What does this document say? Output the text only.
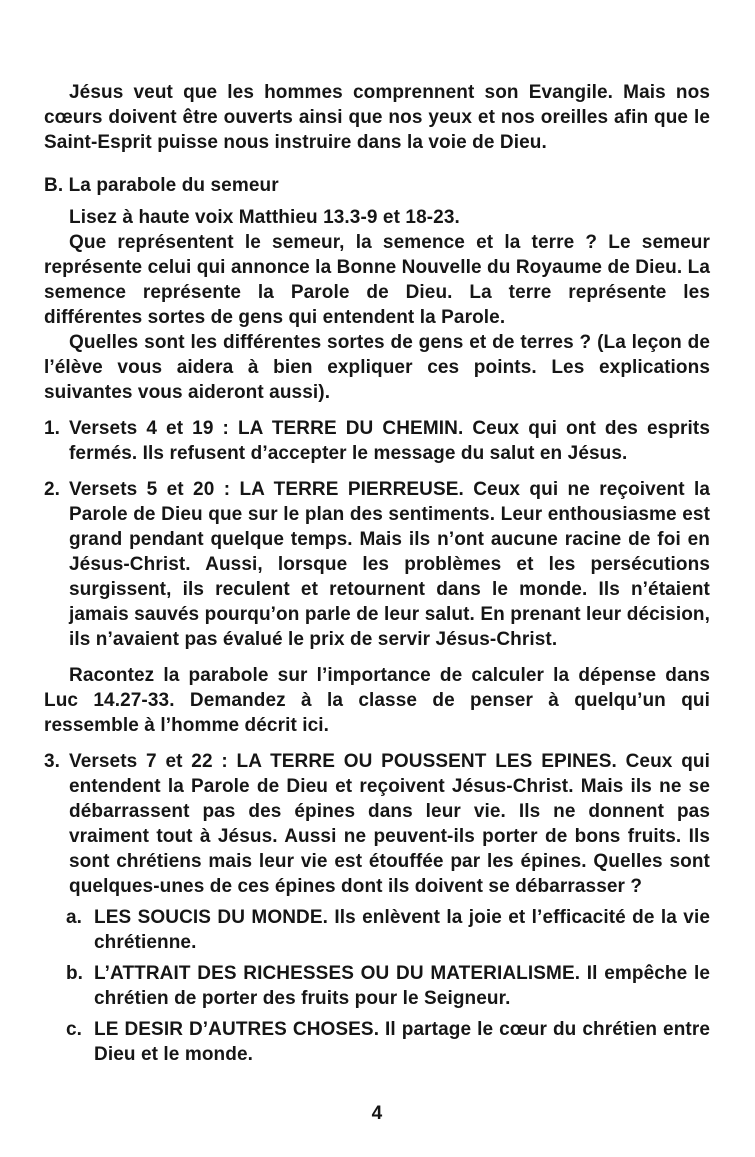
Jésus veut que les hommes comprennent son Evangile. Mais nos cœurs doivent être ouverts ainsi que nos yeux et nos oreilles afin que le Saint-Esprit puisse nous instruire dans la voie de Dieu.

B. La parabole du semeur

Lisez à haute voix Matthieu 13.3-9 et 18-23.

Que représentent le semeur, la semence et la terre ? Le semeur représente celui qui annonce la Bonne Nouvelle du Royaume de Dieu. La semence représente la Parole de Dieu. La terre représente les différentes sortes de gens qui entendent la Parole.

Quelles sont les différentes sortes de gens et de terres ? (La leçon de l’élève vous aidera à bien expliquer ces points. Les explications suivantes vous aideront aussi).

1. Versets 4 et 19 : LA TERRE DU CHEMIN. Ceux qui ont des esprits fermés. Ils refusent d’accepter le message du salut en Jésus.
2. Versets 5 et 20 : LA TERRE PIERREUSE. Ceux qui ne reçoivent la Parole de Dieu que sur le plan des sentiments. Leur enthousiasme est grand pendant quelque temps. Mais ils n’ont aucune racine de foi en Jésus-Christ. Aussi, lorsque les problèmes et les persécutions surgissent, ils reculent et retournent dans le monde. Ils n’étaient jamais sauvés pourqu’on parle de leur salut. En prenant leur décision, ils n’avaient pas évalué le prix de servir Jésus-Christ.

Racontez la parabole sur l’importance de calculer la dépense dans Luc 14.27-33. Demandez à la classe de penser à quelqu’un qui ressemble à l’homme décrit ici.

3. Versets 7 et 22 : LA TERRE OU POUSSENT LES EPINES. Ceux qui entendent la Parole de Dieu et reçoivent Jésus-Christ. Mais ils ne se débarrassent pas des épines dans leur vie. Ils ne donnent pas vraiment tout à Jésus. Aussi ne peuvent-ils porter de bons fruits. Ils sont chrétiens mais leur vie est étouffée par les épines. Quelles sont quelques-unes de ces épines dont ils doivent se débarrasser ?
a. LES SOUCIS DU MONDE. Ils enlèvent la joie et l’efficacité de la vie chrétienne.
b. L’ATTRAIT DES RICHESSES OU DU MATERIALISME. Il empêche le chrétien de porter des fruits pour le Seigneur.
c. LE DESIR D’AUTRES CHOSES. Il partage le cœur du chrétien entre Dieu et le monde.
4
